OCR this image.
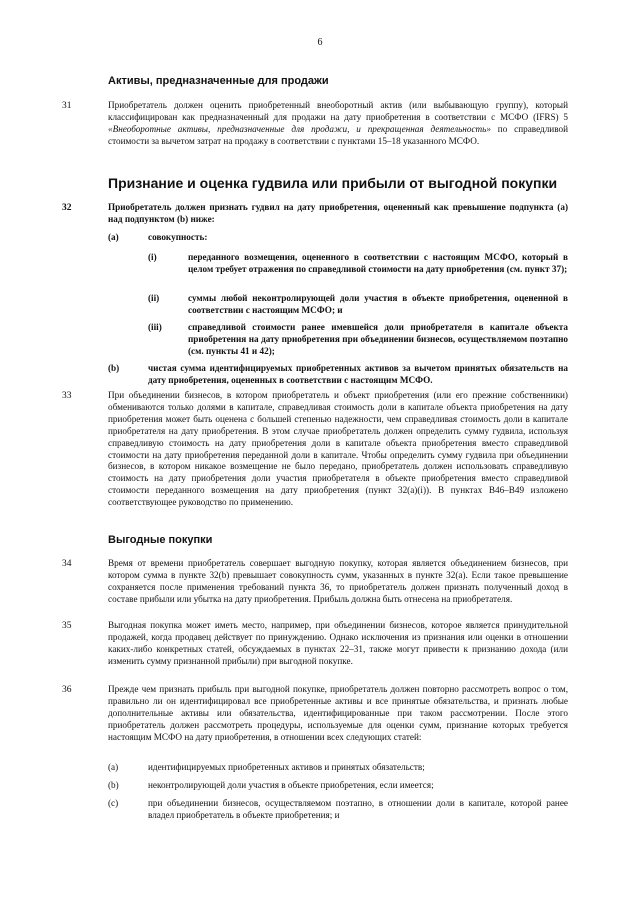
6
Активы, предназначенные для продажи
31	Приобретатель должен оценить приобретенный внеоборотный актив (или выбывающую группу), который классифицирован как предназначенный для продажи на дату приобретения в соответствии с МСФО (IFRS) 5 «Внеоборотные активы, предназначенные для продажи, и прекращенная деятельность» по справедливой стоимости за вычетом затрат на продажу в соответствии с пунктами 15–18 указанного МСФО.

Признание и оценка гудвила или прибыли от выгодной покупки
32	Приобретатель должен признать гудвил на дату приобретения, оцененный как превышение подпункта (a) над подпунктом (b) ниже:

(a)	совокупность:

(i)	переданного возмещения, оцененного в соответствии с настоящим МСФО, который в целом требует отражения по справедливой стоимости на дату приобретения (см. пункт 37);

(ii)	суммы любой неконтролирующей доли участия в объекте приобретения, оцененной в соответствии с настоящим МСФО; и

(iii)	справедливой стоимости ранее имевшейся доли приобретателя в капитале объекта приобретения на дату приобретения при объединении бизнесов, осуществляемом поэтапно (см. пункты 41 и 42);

(b)	чистая сумма идентифицируемых приобретенных активов за вычетом принятых обязательств на дату приобретения, оцененных в соответствии с настоящим МСФО.

33	При объединении бизнесов, в котором приобретатель и объект приобретения (или его прежние собственники) обмениваются только долями в капитале, справедливая стоимость доли в капитале объекта приобретения на дату приобретения может быть оценена с большей степенью надежности, чем справедливая стоимость доли в капитале приобретателя на дату приобретения. В этом случае приобретатель должен определить сумму гудвила, используя справедливую стоимость на дату приобретения доли в капитале объекта приобретения вместо справедливой стоимости на дату приобретения переданной доли в капитале. Чтобы определить сумму гудвила при объединении бизнесов, в котором никакое возмещение не было передано, приобретатель должен использовать справедливую стоимость на дату приобретения доли участия приобретателя в объекте приобретения вместо справедливой стоимости переданного возмещения на дату приобретения (пункт 32(a)(i)). В пунктах B46–B49 изложено соответствующее руководство по применению.

Выгодные покупки
34	Время от времени приобретатель совершает выгодную покупку, которая является объединением бизнесов, при котором сумма в пункте 32(b) превышает совокупность сумм, указанных в пункте 32(a). Если такое превышение сохраняется после применения требований пункта 36, то приобретатель должен признать полученный доход в составе прибыли или убытка на дату приобретения. Прибыль должна быть отнесена на приобретателя.

35	Выгодная покупка может иметь место, например, при объединении бизнесов, которое является принудительной продажей, когда продавец действует по принуждению. Однако исключения из признания или оценки в отношении каких-либо конкретных статей, обсуждаемых в пунктах 22–31, также могут привести к признанию дохода (или изменить сумму признанной прибыли) при выгодной покупке.

36	Прежде чем признать прибыль при выгодной покупке, приобретатель должен повторно рассмотреть вопрос о том, правильно ли он идентифицировал все приобретенные активы и все принятые обязательства, и признать любые дополнительные активы или обязательства, идентифицированные при таком рассмотрении. После этого приобретатель должен рассмотреть процедуры, используемые для оценки сумм, признание которых требуется настоящим МСФО на дату приобретения, в отношении всех следующих статей:

(a)	идентифицируемых приобретенных активов и принятых обязательств;

(b)	неконтролирующей доли участия в объекте приобретения, если имеется;

(c)	при объединении бизнесов, осуществляемом поэтапно, в отношении доли в капитале, которой ранее владел приобретатель в объекте приобретения; и
